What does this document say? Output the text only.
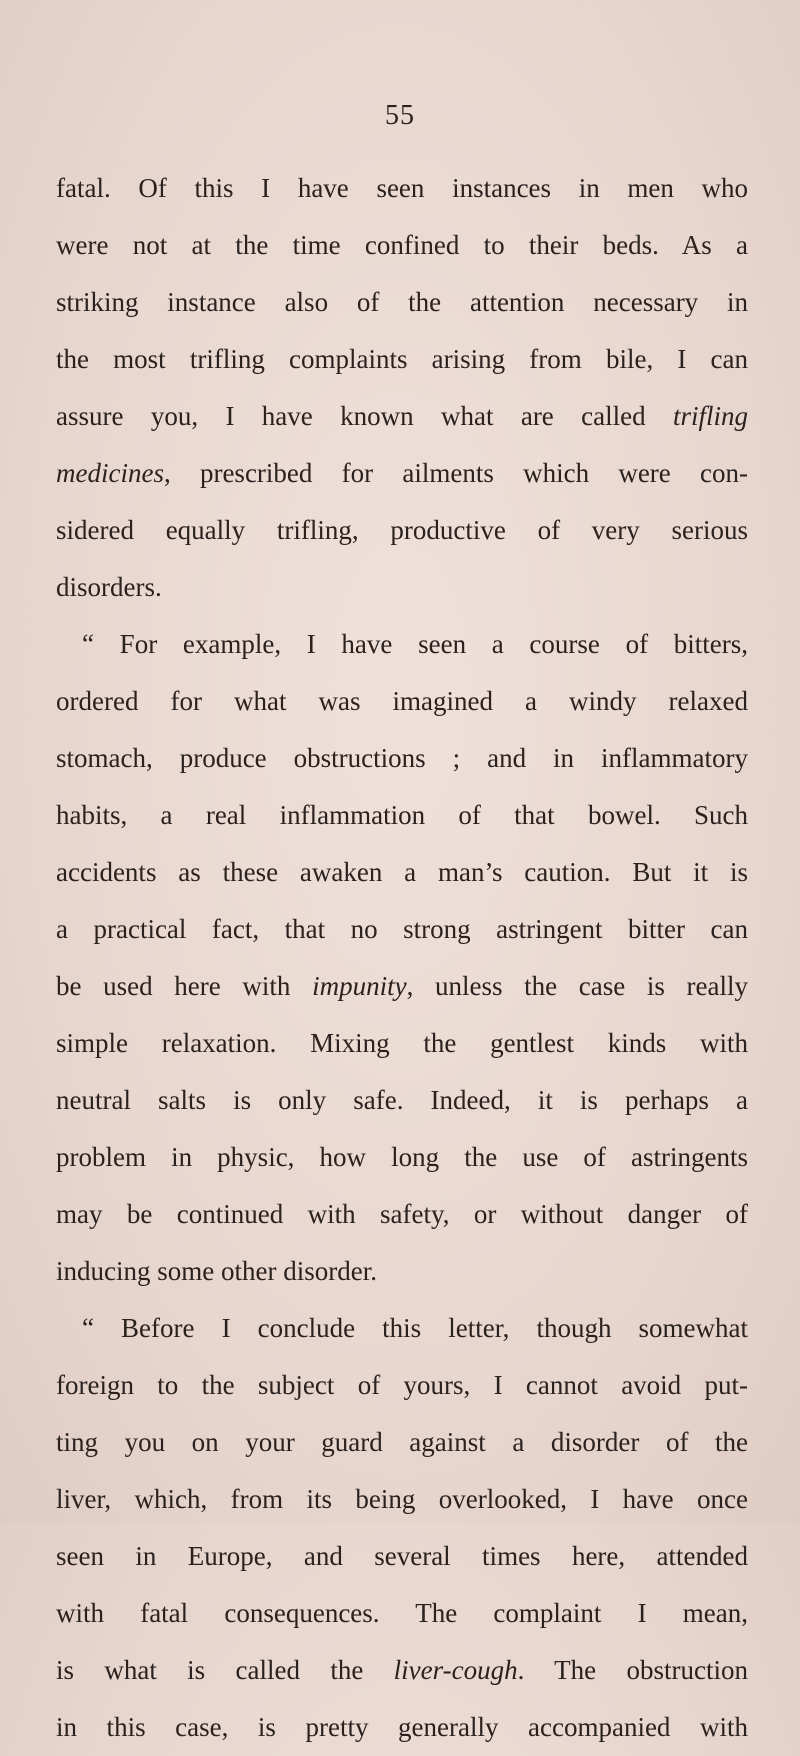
55
fatal. Of this I have seen instances in men who
were not at the time confined to their beds. As a
striking instance also of the attention necessary in
the most trifling complaints arising from bile, I can
assure you, I have known what are called trifling
medicines, prescribed for ailments which were con-
sidered equally trifling, productive of very serious
disorders.
“ For example, I have seen a course of bitters,
ordered for what was imagined a windy relaxed
stomach, produce obstructions ; and in inflammatory
habits, a real inflammation of that bowel. Such
accidents as these awaken a man’s caution. But it is
a practical fact, that no strong astringent bitter can
be used here with impunity, unless the case is really
simple relaxation. Mixing the gentlest kinds with
neutral salts is only safe. Indeed, it is perhaps a
problem in physic, how long the use of astringents
may be continued with safety, or without danger of
inducing some other disorder.
“ Before I conclude this letter, though somewhat
foreign to the subject of yours, I cannot avoid put-
ting you on your guard against a disorder of the
liver, which, from its being overlooked, I have once
seen in Europe, and several times here, attended
with fatal consequences. The complaint I mean,
is what is called the liver-cough. The obstruction
in this case, is pretty generally accompanied with
